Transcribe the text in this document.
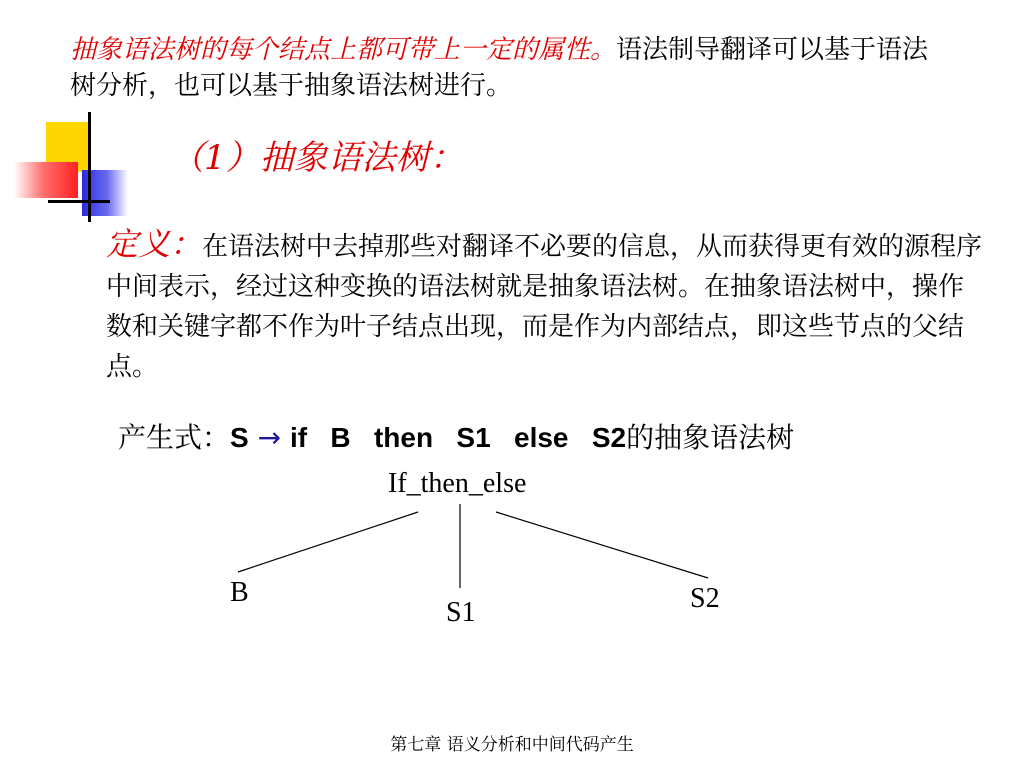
抽象语法树的每个结点上都可带上一定的属性。语法制导翻译可以基于语法树分析，也可以基于抽象语法树进行。
（1）抽象语法树：
定义：在语法树中去掉那些对翻译不必要的信息，从而获得更有效的源程序中间表示，经过这种变换的语法树就是抽象语法树。在抽象语法树中，操作数和关键字都不作为叶子结点出现，而是作为内部结点，即这些节点的父结点。
产生式：S → if   B   then   S1   else   S2的抽象语法树
If_then_else
B
S1	S2
第七章 语义分析和中间代码产生
